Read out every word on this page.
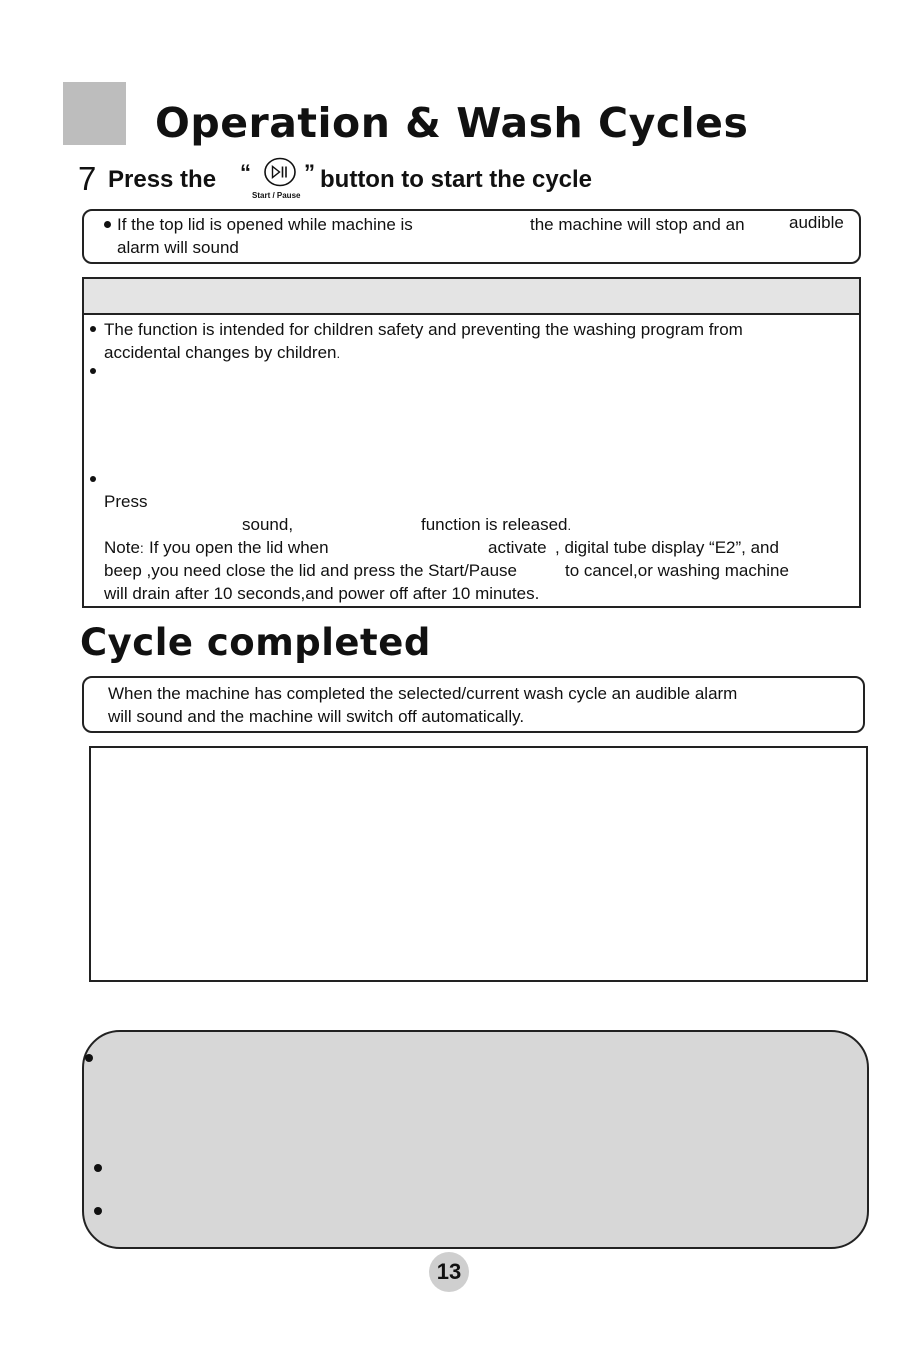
Operation & Wash Cycles
7 Press the “
Start / Pause
” button to start the cycle
If the top lid is opened while machine is	the machine will stop and an	audible
alarm will sound
The function is intended for children safety and preventing the washing program from
accidental changes by children.
Press
sound,	function is released.
Note: If you open the lid when	activate , digital tube display “E2”, and
beep ,you need close the lid and press the Start/Pause	to cancel,or washing machine
will drain after 10 seconds,and power off after 10 minutes.
Cycle completed
When the machine has completed the selected/current wash cycle an audible alarm
will sound and the machine will switch off automatically.
13
